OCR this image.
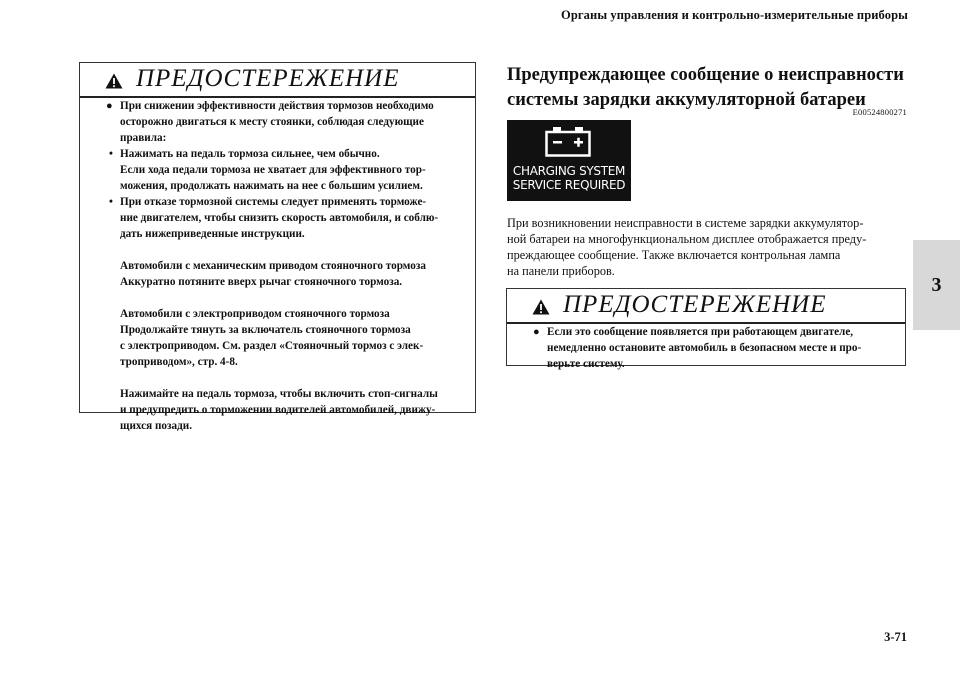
Органы управления и контрольно-измерительные приборы
3
ПРЕДОСТЕРЕЖЕНИЕ

● При снижении эффективности действия тормозов необходимо

осторожно двигаться к месту стоянки, соблюдая следующие

правила:

• Нажимать на педаль тормоза сильнее, чем обычно.

Если хода педали тормоза не хватает для эффективного тор-

можения, продолжать нажимать на нее с большим усилием.

• При отказе тормозной системы следует применять торможе-

ние двигателем, чтобы снизить скорость автомобиля, и соблю-

дать нижеприведенные инструкции.

Автомобили с механическим приводом стояночного тормоза

Аккуратно потяните вверх рычаг стояночного тормоза.

Автомобили с электроприводом стояночного тормоза

Продолжайте тянуть за включатель стояночного тормоза

с электроприводом. См. раздел «Стояночный тормоз с элек-

троприводом», стр. 4-8.

Нажимайте на педаль тормоза, чтобы включить стоп-сигналы

и предупредить о торможении водителей автомобилей, движу-

щихся позади.

Предупреждающее сообщение о неисправности
системы зарядки аккумуляторной батареи
E00524800271
CHARGING SYSTEM
SERVICE REQUIRED

При возникновении неисправности в системе зарядки аккумулятор-

ной батареи на многофункциональном дисплее отображается преду-

преждающее сообщение. Также включается контрольная лампа

на панели приборов.

ПРЕДОСТЕРЕЖЕНИЕ

● Если это сообщение появляется при работающем двигателе,

немедленно остановите автомобиль в безопасном месте и про-

верьте систему.

3-71
